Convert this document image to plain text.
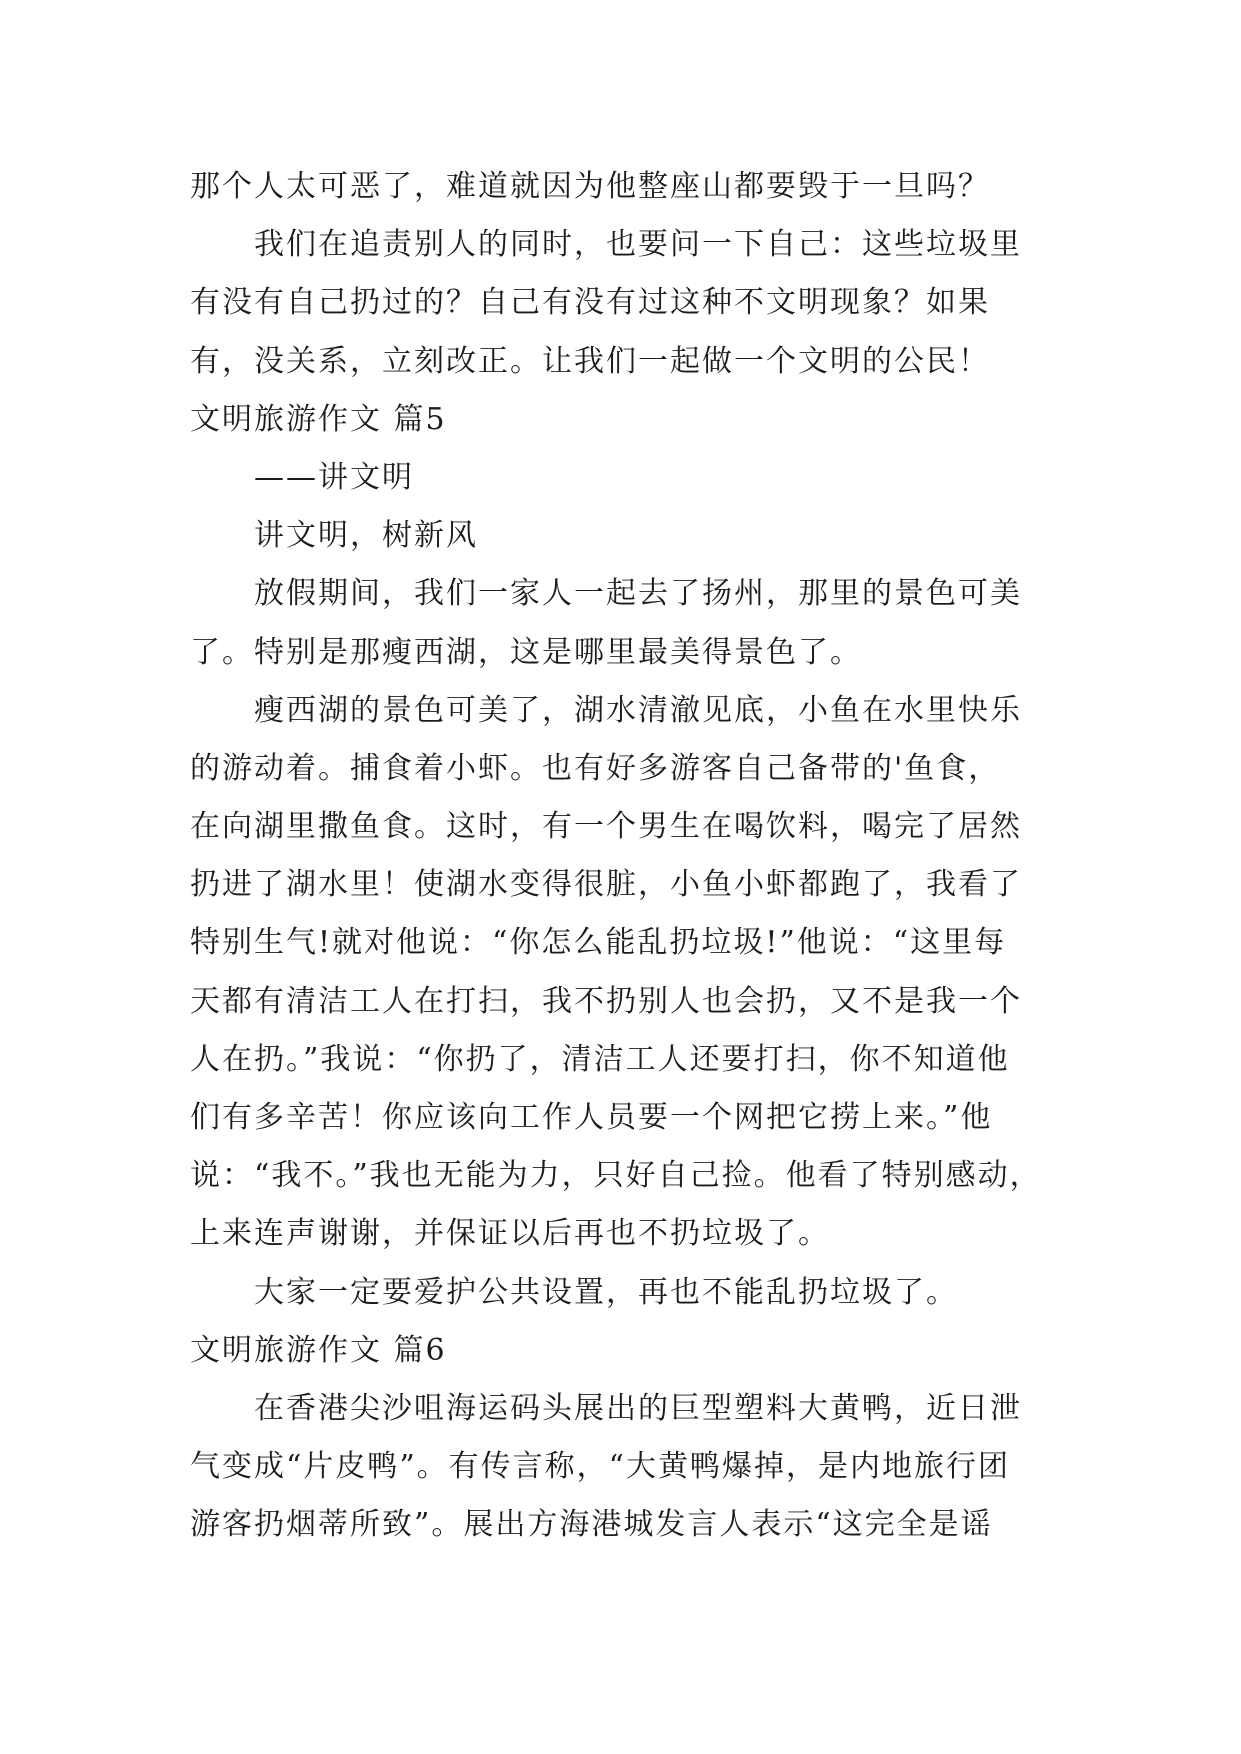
那个人太可恶了，难道就因为他整座山都要毁于一旦吗？
我们在追责别人的同时，也要问一下自己：这些垃圾里
有没有自己扔过的？自己有没有过这种不文明现象？如果
有，没关系，立刻改正。让我们一起做一个文明的公民！
文明旅游作文 篇5
——讲文明
讲文明，树新风
放假期间，我们一家人一起去了扬州，那里的景色可美
了。特别是那瘦西湖，这是哪里最美得景色了。
瘦西湖的景色可美了，湖水清澈见底，小鱼在水里快乐
的游动着。捕食着小虾。也有好多游客自己备带的'鱼食，
在向湖里撒鱼食。这时，有一个男生在喝饮料，喝完了居然
扔进了湖水里！使湖水变得很脏，小鱼小虾都跑了，我看了
特别生气!就对他说：“你怎么能乱扔垃圾!”他说：“这里每
天都有清洁工人在打扫，我不扔别人也会扔，又不是我一个
人在扔。”我说：“你扔了，清洁工人还要打扫，你不知道他
们有多辛苦！你应该向工作人员要一个网把它捞上来。”他
说：“我不。”我也无能为力，只好自己捡。他看了特别感动，
上来连声谢谢，并保证以后再也不扔垃圾了。
大家一定要爱护公共设置，再也不能乱扔垃圾了。
文明旅游作文 篇6
在香港尖沙咀海运码头展出的巨型塑料大黄鸭，近日泄
气变成“片皮鸭”。有传言称，“大黄鸭爆掉，是内地旅行团
游客扔烟蒂所致”。展出方海港城发言人表示“这完全是谣
